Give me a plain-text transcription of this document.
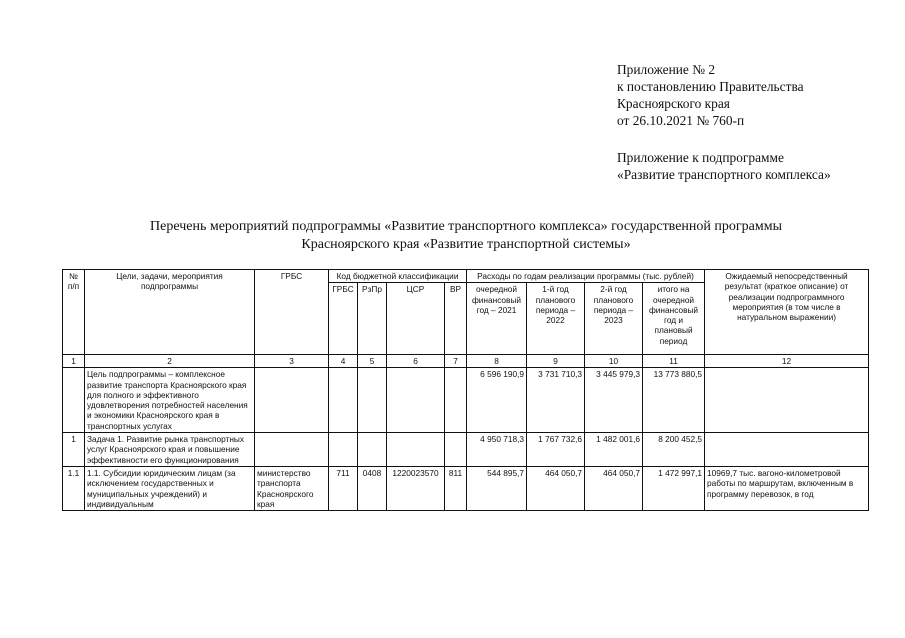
Приложение № 2
к постановлению Правительства
Красноярского края
от 26.10.2021 № 760-п
Приложение к подпрограмме
«Развитие транспортного комплекса»
Перечень мероприятий подпрограммы «Развитие транспортного комплекса» государственной программы
Красноярского края «Развитие транспортной системы»
№ п/п	Цели, задачи, мероприятия подпрограммы	ГРБС	Код бюджетной классификации				Расходы по годам реализации программы (тыс. рублей)				Ожидаемый непосредственный результат (краткое описание) от реализации подпрограммного мероприятия (в том числе в натуральном выражении)
			ГРБС	РзПр	ЦСР	ВР	очередной финансовый год – 2021	1-й год планового периода – 2022	2-й год планового периода – 2023	итого на очередной финансовый год и плановый период	
1	2	3	4	5	6	7	8	9	10	11	12
	Цель подпрограммы – комплексное развитие транспорта Красноярского края для полного и эффективного удовлетворения потребностей населения и экономики Красноярского края в транспортных услугах						6 596 190,9	3 731 710,3	3 445 979,3	13 773 880,5	
1	Задача 1. Развитие рынка транспортных услуг Красноярского края и повышение эффективности его функционирования						4 950 718,3	1 767 732,6	1 482 001,6	8 200 452,5	
1.1	1.1. Субсидии юридическим лицам (за исключением государственных и муниципальных учреждений) и индивидуальным	министерство транспорта Красноярского края	711	0408	1220023570	811	544 895,7	464 050,7	464 050,7	1 472 997,1	10969,7 тыс. вагоно-километровой работы по маршрутам, включенным в программу перевозок, в год
